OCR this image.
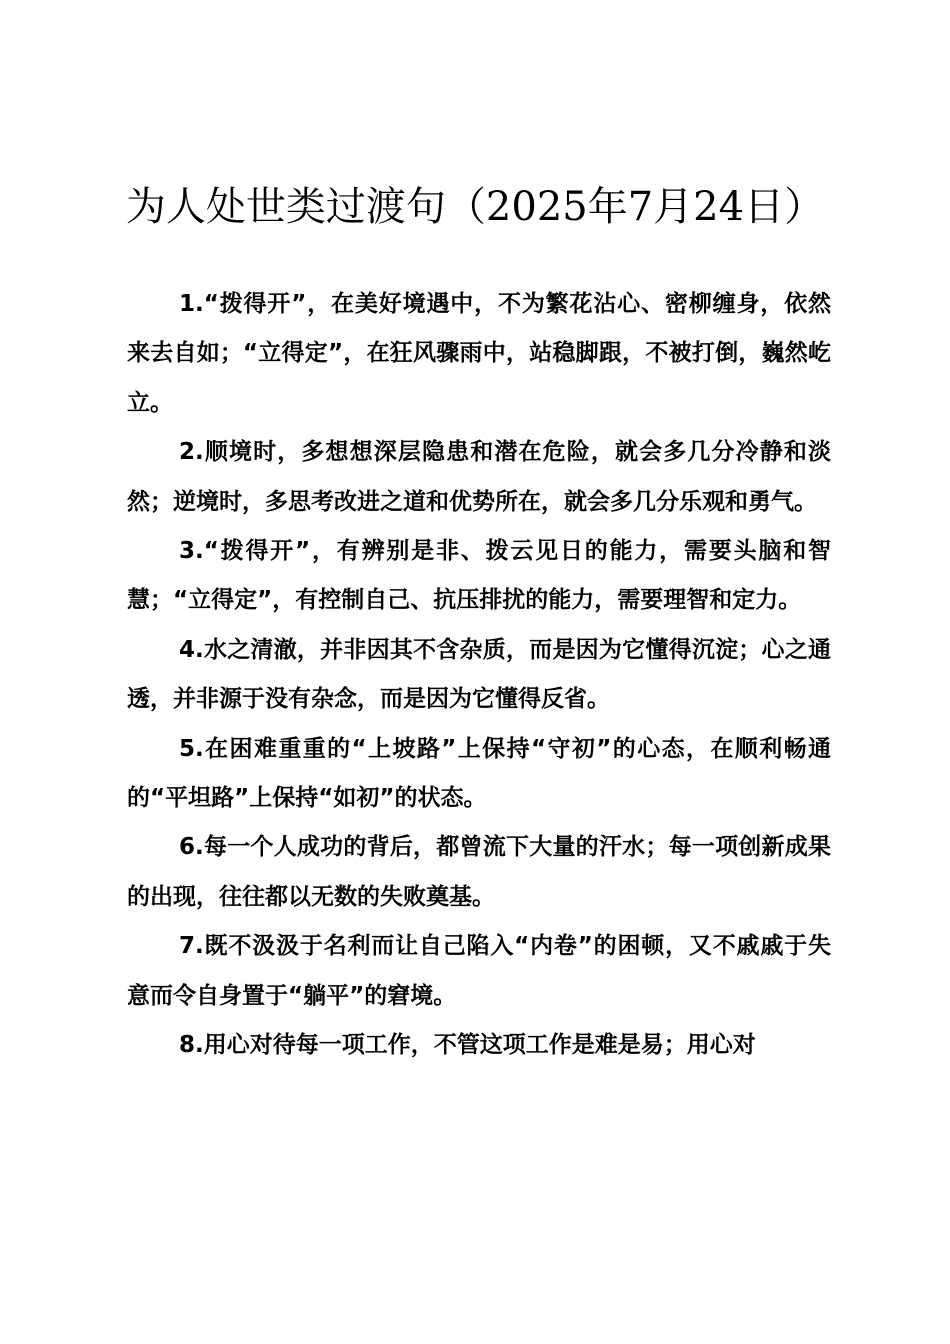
为人处世类过渡句（2025年7月24日）

1.“拨得开”，在美好境遇中，不为繁花沾心、密柳缠身，依然来去自如；“立得定”，在狂风骤雨中，站稳脚跟，不被打倒，巍然屹立。

2.顺境时，多想想深层隐患和潜在危险，就会多几分冷静和淡然；逆境时，多思考改进之道和优势所在，就会多几分乐观和勇气。

3.“拨得开”，有辨别是非、拨云见日的能力，需要头脑和智慧；“立得定”，有控制自己、抗压排扰的能力，需要理智和定力。

4.水之清澈，并非因其不含杂质，而是因为它懂得沉淀；心之通透，并非源于没有杂念，而是因为它懂得反省。

5.在困难重重的“上坡路”上保持“守初”的心态，在顺利畅通的“平坦路”上保持“如初”的状态。

6.每一个人成功的背后，都曾流下大量的汗水；每一项创新成果的出现，往往都以无数的失败奠基。

7.既不汲汲于名利而让自己陷入“内卷”的困顿，又不戚戚于失意而令自身置于“躺平”的窘境。

8.用心对待每一项工作，不管这项工作是难是易；用心对
